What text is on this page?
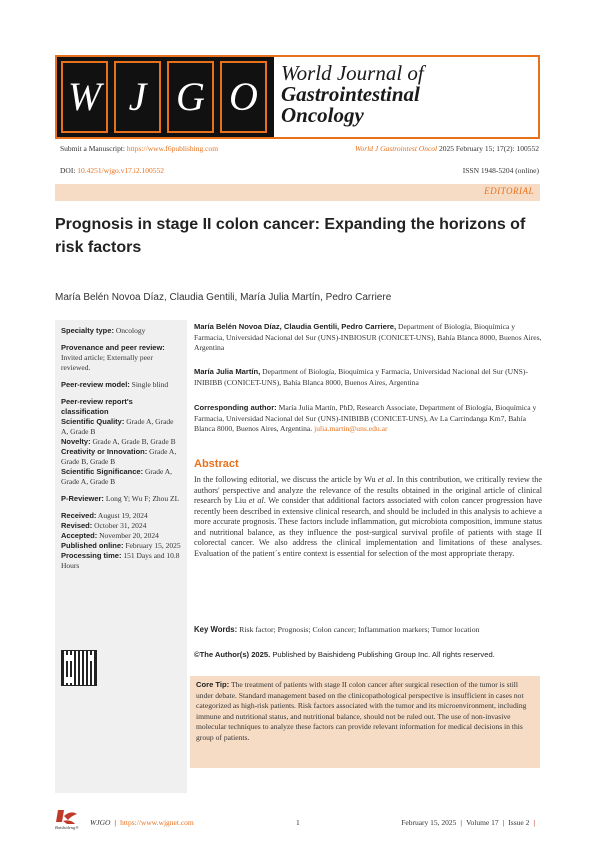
W J G O
World Journal of
Gastrointestinal
Oncology
Submit a Manuscript: https://www.f6publishing.com	World J Gastrointest Oncol 2025 February 15; 17(2): 100552
DOI: 10.4251/wjgo.v17.i2.100552	ISSN 1948-5204 (online)
EDITORIAL
Prognosis in stage II colon cancer: Expanding the horizons of risk factors
María Belén Novoa Díaz, Claudia Gentili, María Julia Martín, Pedro Carriere
Specialty type: Oncology
Provenance and peer review:
Invited article; Externally peer reviewed.
Peer-review model: Single blind
Peer-review report's classification
Scientific Quality: Grade A, Grade A, Grade B
Novelty: Grade A, Grade B, Grade B
Creativity or Innovation: Grade A, Grade B, Grade B
Scientific Significance: Grade A, Grade A, Grade B
P-Reviewer: Long Y; Wu F; Zhou ZL
Received: August 19, 2024
Revised: October 31, 2024
Accepted: November 20, 2024
Published online: February 15, 2025
Processing time: 151 Days and 10.8 Hours
María Belén Novoa Díaz, Claudia Gentili, Pedro Carriere, Department of Biología, Bioquímica y Farmacia, Universidad Nacional del Sur (UNS)-INBIOSUR (CONICET-UNS), Bahía Blanca 8000, Buenos Aires, Argentina
María Julia Martín, Department of Biología, Bioquímica y Farmacia, Universidad Nacional del Sur (UNS)-INIBIBB (CONICET-UNS), Bahía Blanca 8000, Buenos Aires, Argentina
Corresponding author: María Julia Martín, PhD, Research Associate, Department of Biología, Bioquímica y Farmacia, Universidad Nacional del Sur (UNS)-INIBIBB (CONICET-UNS), Av La Carrindanga Km7, Bahía Blanca 8000, Buenos Aires, Argentina. julia.martin@uns.edu.ar
Abstract

In the following editorial, we discuss the article by Wu et al. In this contribution, we critically review the authors' perspective and analyze the relevance of the results obtained in the original article of clinical research by Liu et al. We consider that additional factors associated with colon cancer progression have recently been described in extensive clinical research, and should be included in this analysis to achieve a more accurate prognosis. These factors include inflammation, gut microbiota composition, immune status and nutritional balance, as they influence the post-surgical survival profile of patients with stage II colorectal cancer. We also address the clinical implementation and limitations of these analyses. Evaluation of the patient´s entire context is essential for selection of the most appropriate therapy.

Key Words: Risk factor; Prognosis; Colon cancer; Inflammation markers; Tumor location
©The Author(s) 2025. Published by Baishideng Publishing Group Inc. All rights reserved.
Core Tip: The treatment of patients with stage II colon cancer after surgical resection of the tumor is still under debate. Standard management based on the clinicopathological perspective is insufficient in cases not categorized as high-risk patients. Risk factors associated with the tumor and its microenvironment, including immune and nutritional status, and nutritional balance, should not be ruled out. The use of non-invasive molecular techniques to analyze these factors can provide relevant information for medical decisions in this group of patients.
Baishideng®
WJGO | https://www.wjgnet.com	1	February 15, 2025 | Volume 17 | Issue 2 |
